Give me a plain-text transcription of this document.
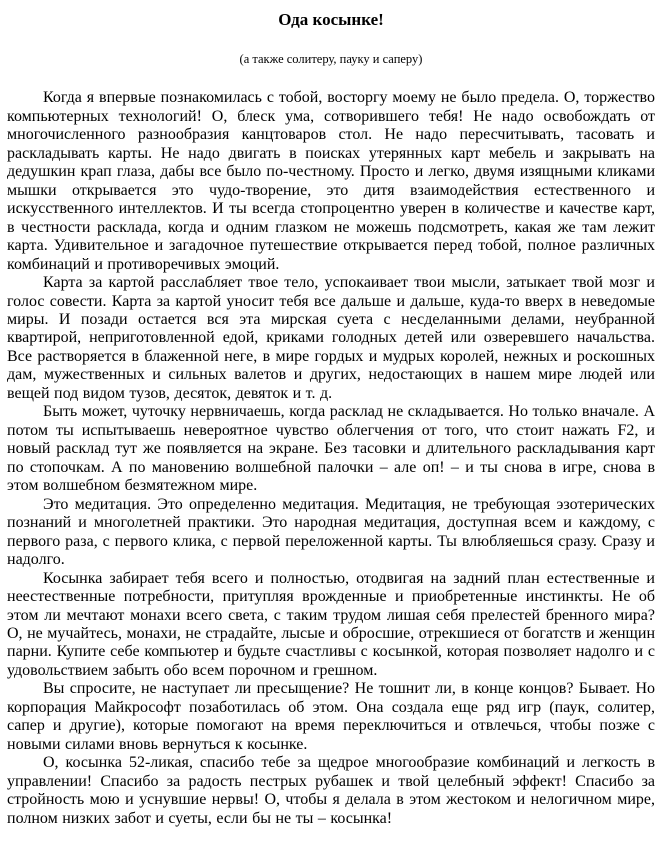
Ода косынке!
(а также солитеру, пауку и саперу)

Когда я впервые познакомилась с тобой, восторгу моему не было предела. О, торжество компьютерных технологий! О, блеск ума, сотворившего тебя! Не надо освобождать от многочисленного разнообразия канцтоваров стол. Не надо пересчитывать, тасовать и раскладывать карты. Не надо двигать в поисках утерянных карт мебель и закрывать на дедушкин крап глаза, дабы все было по-честному. Просто и легко, двумя изящными кликами мышки открывается это чудо-творение, это дитя взаимодействия естественного и искусственного интеллектов. И ты всегда стопроцентно уверен в количестве и качестве карт, в честности расклада, когда и одним глазком не можешь подсмотреть, какая же там лежит карта. Удивительное и загадочное путешествие открывается перед тобой, полное различных комбинаций и противоречивых эмоций.

Карта за картой расслабляет твое тело, успокаивает твои мысли, затыкает твой мозг и голос совести. Карта за картой уносит тебя все дальше и дальше, куда-то вверх в неведомые миры. И позади остается вся эта мирская суета с несделанными делами, неубранной квартирой, неприготовленной едой, криками голодных детей или озверевшего начальства. Все растворяется в блаженной неге, в мире гордых и мудрых королей, нежных и роскошных дам, мужественных и сильных валетов и других, недостающих в нашем мире людей или вещей под видом тузов, десяток, девяток и т. д.

Быть может, чуточку нервничаешь, когда расклад не складывается. Но только вначале. А потом ты испытываешь невероятное чувство облегчения от того, что стоит нажать F2, и новый расклад тут же появляется на экране. Без тасовки и длительного раскладывания карт по стопочкам. А по мановению волшебной палочки – але оп! – и ты снова в игре, снова в этом волшебном безмятежном мире.

Это медитация. Это определенно медитация. Медитация, не требующая эзотерических познаний и многолетней практики. Это народная медитация, доступная всем и каждому, с первого раза, с первого клика, с первой переложенной карты. Ты влюбляешься сразу. Сразу и надолго.

Косынка забирает тебя всего и полностью, отодвигая на задний план естественные и неестественные потребности, притупляя врожденные и приобретенные инстинкты. Не об этом ли мечтают монахи всего света, с таким трудом лишая себя прелестей бренного мира? О, не мучайтесь, монахи, не страдайте, лысые и обросшие, отрекшиеся от богатств и женщин парни. Купите себе компьютер и будьте счастливы с косынкой, которая позволяет надолго и с удовольствием забыть обо всем порочном и грешном.

Вы спросите, не наступает ли пресыщение? Не тошнит ли, в конце концов? Бывает. Но корпорация Майкрософт позаботилась об этом. Она создала еще ряд игр (паук, солитер, сапер и другие), которые помогают на время переключиться и отвлечься, чтобы позже с новыми силами вновь вернуться к косынке.

О, косынка 52-ликая, спасибо тебе за щедрое многообразие комбинаций и легкость в управлении! Спасибо за радость пестрых рубашек и твой целебный эффект! Спасибо за стройность мою и уснувшие нервы! О, чтобы я делала в этом жестоком и нелогичном мире, полном низких забот и суеты, если бы не ты – косынка!
